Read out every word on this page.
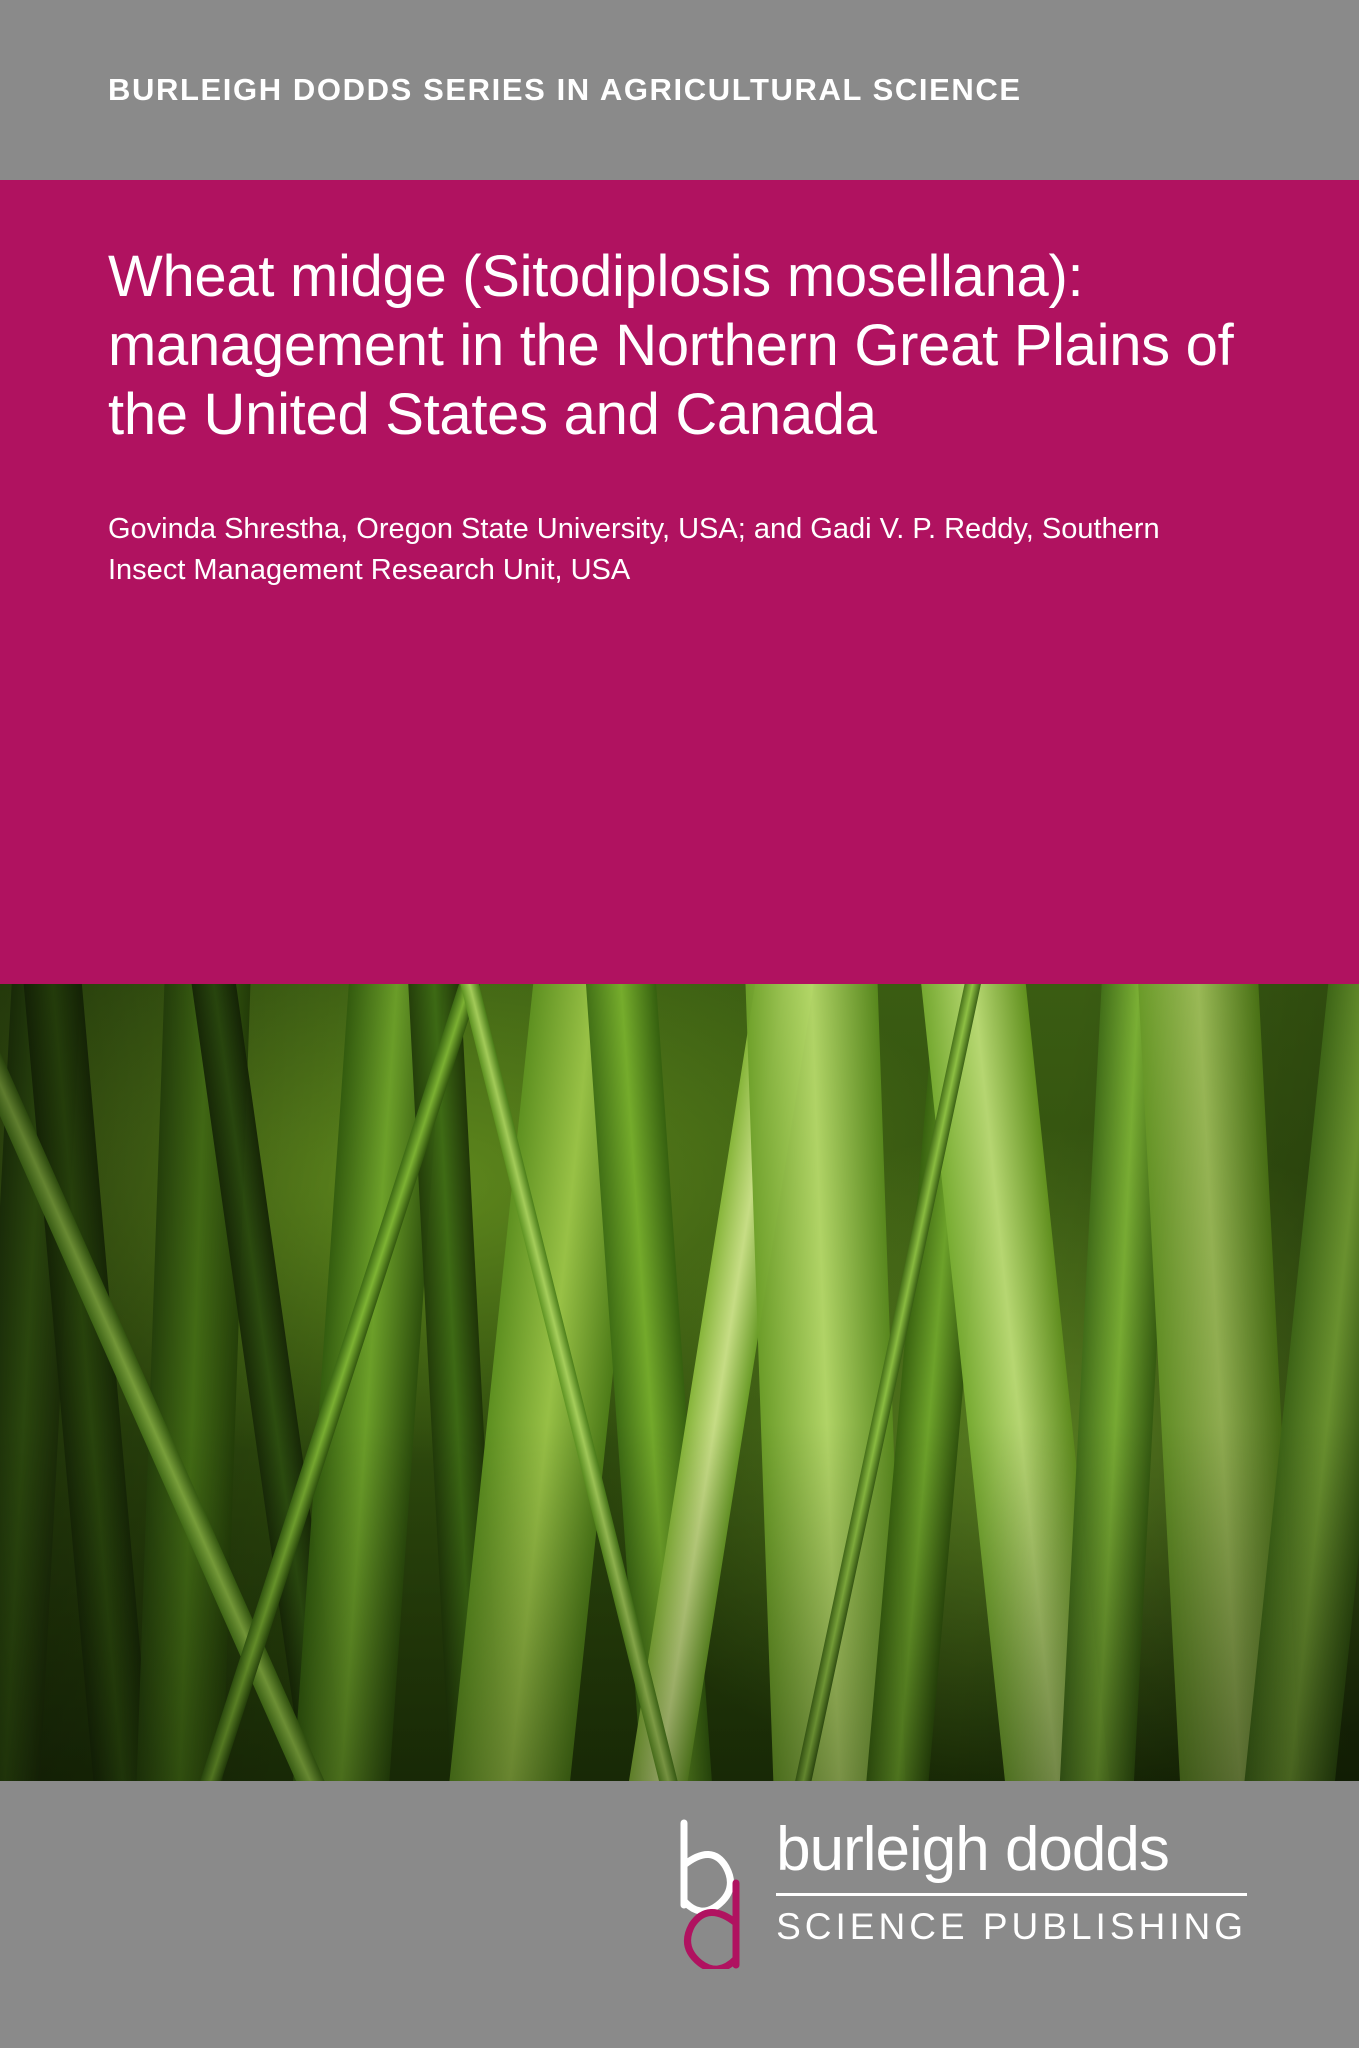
BURLEIGH DODDS SERIES IN AGRICULTURAL SCIENCE
Wheat midge (Sitodiplosis mosellana): management in the Northern Great Plains of the United States and Canada
Govinda Shrestha, Oregon State University, USA; and Gadi V. P. Reddy, Southern Insect Management Research Unit, USA
burleigh dodds
SCIENCE PUBLISHING
